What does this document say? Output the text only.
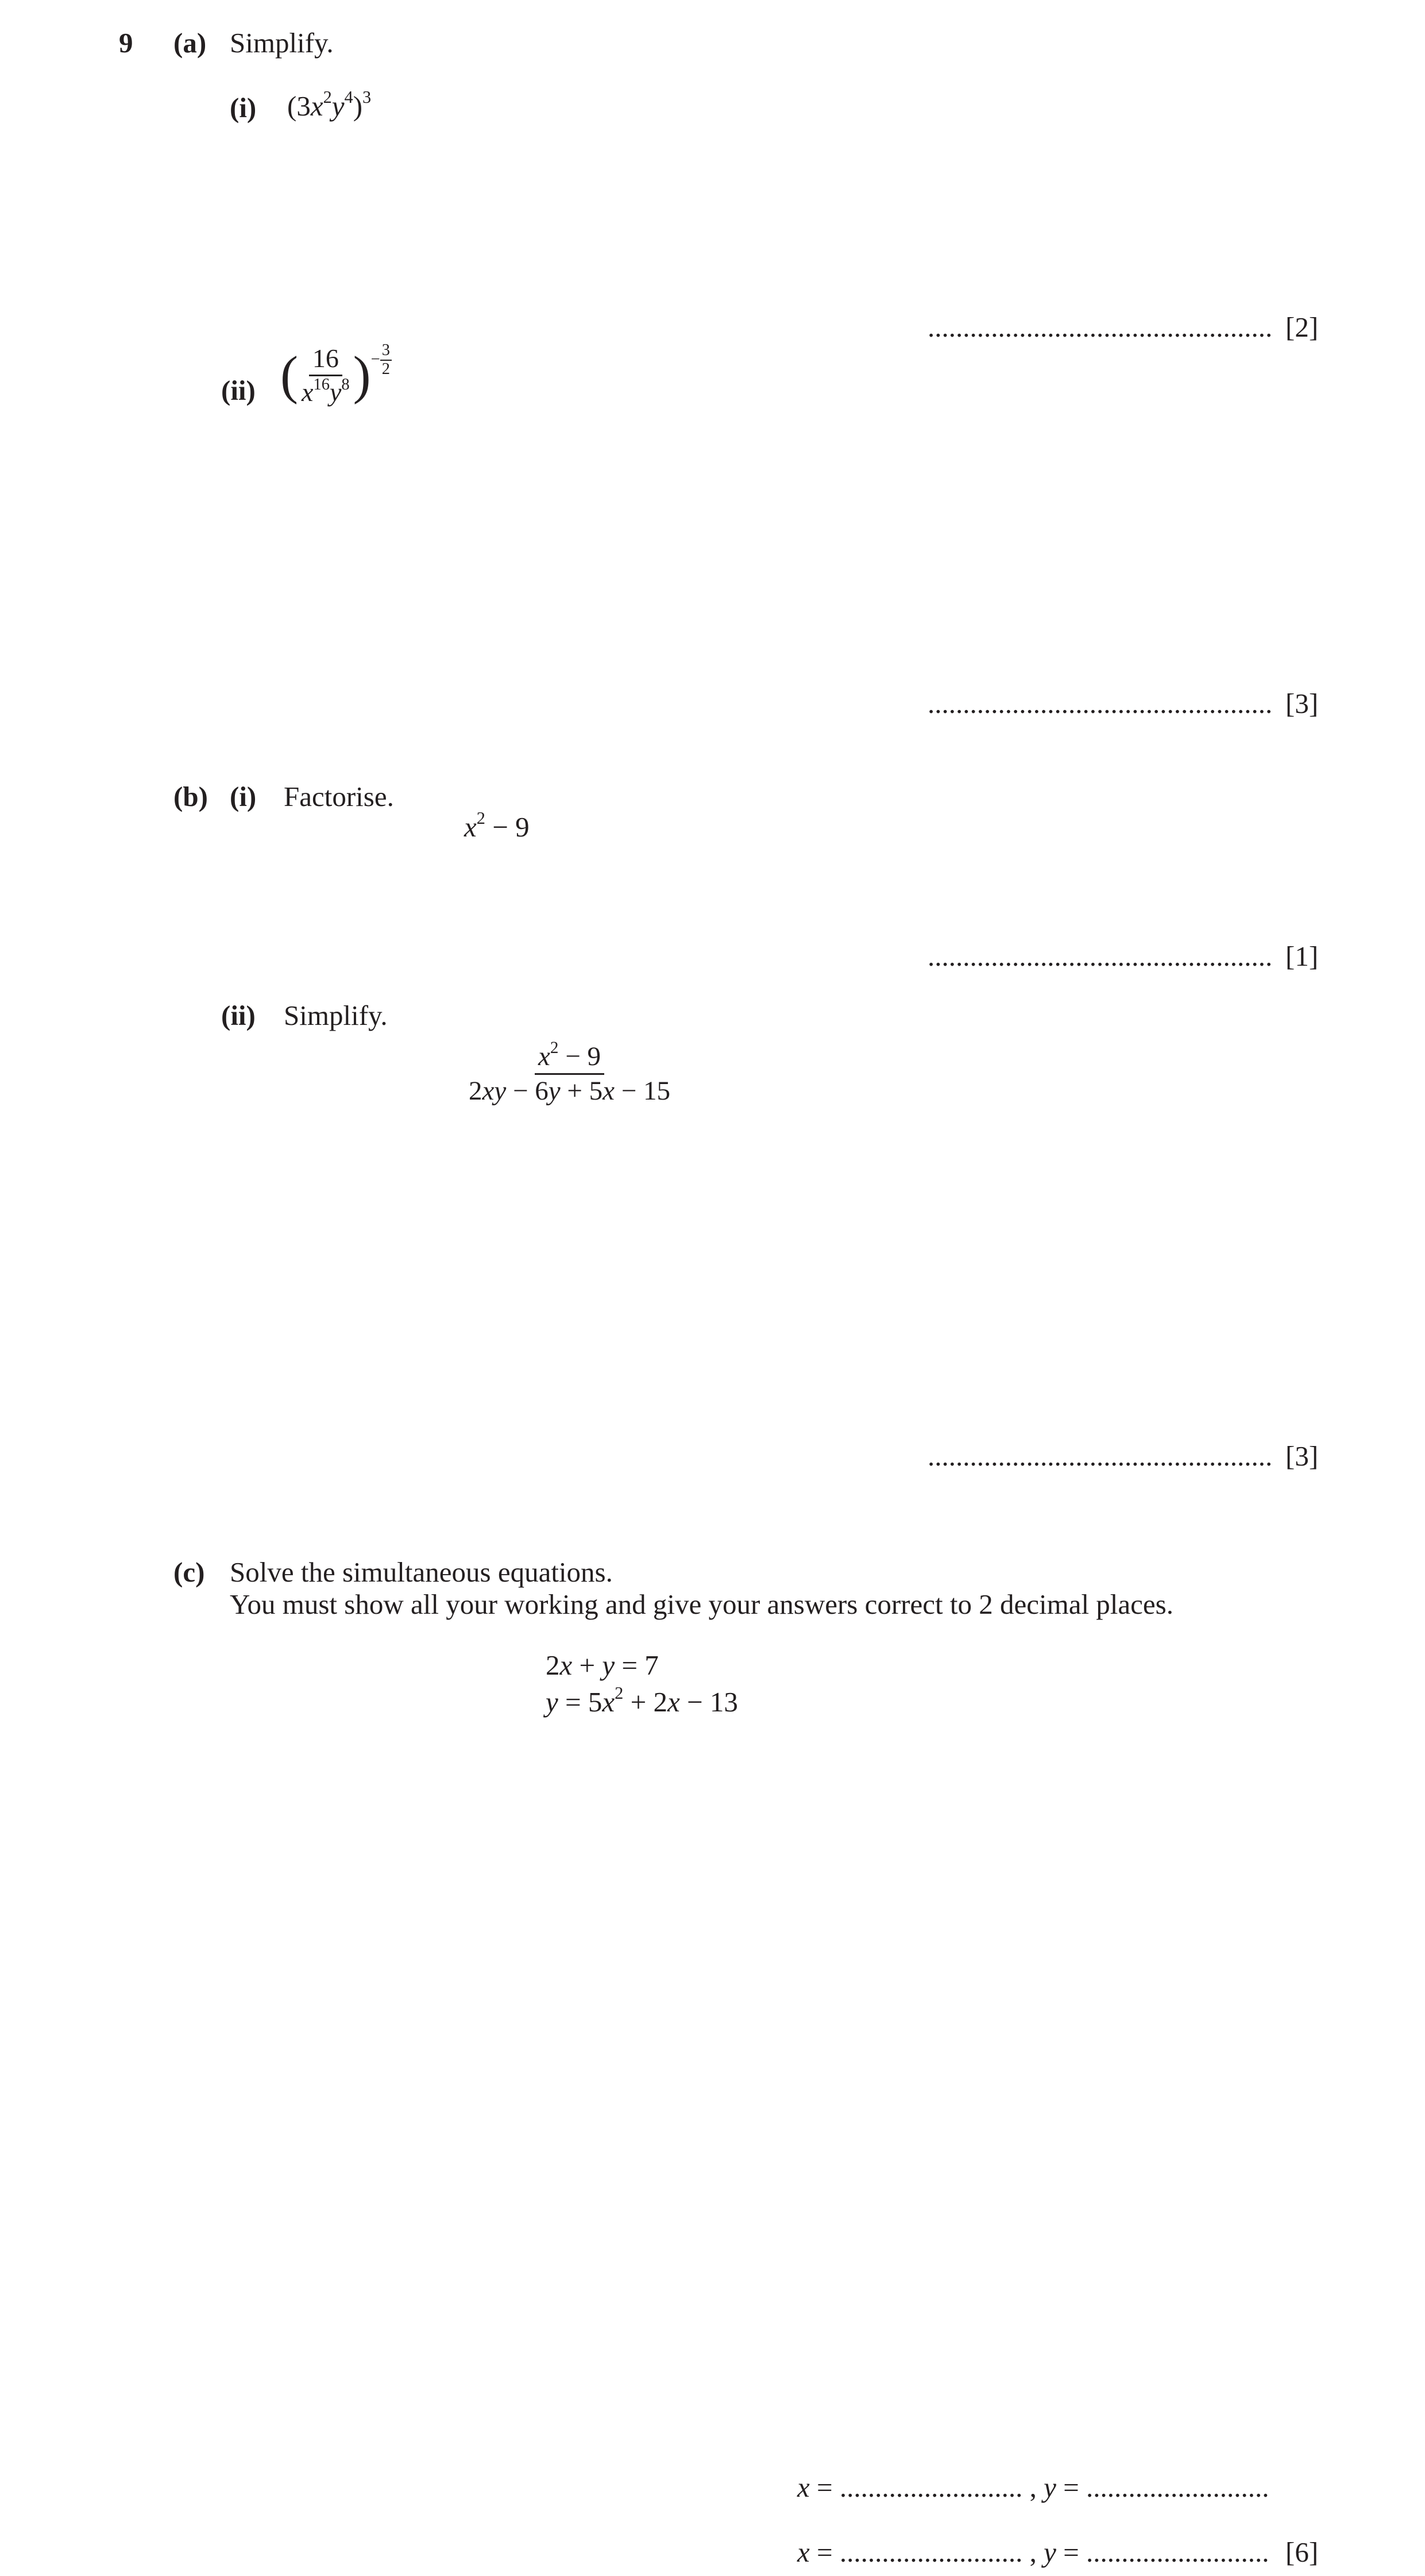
9 (a) Simplify.
(i) $(3x^2y^4)^3$
................................................. [2]
(ii) ( $\frac{16}{x^{16}y^8}$ ) − $\frac{3}{2}$
................................................. [3]
(b) (i) Factorise.
$x^2 - 9$
................................................. [1]
(ii) Simplify.
$\frac{x^2 - 9}{2xy - 6y + 5x - 15}$
................................................. [3]
(c) Solve the simultaneous equations.
You must show all your working and give your answers correct to 2 decimal places.
2x + y = 7
$y = 5x^2 + 2x - 13$
x = .......................... , y = ..........................
x = .......................... , y = .......................... [6]
